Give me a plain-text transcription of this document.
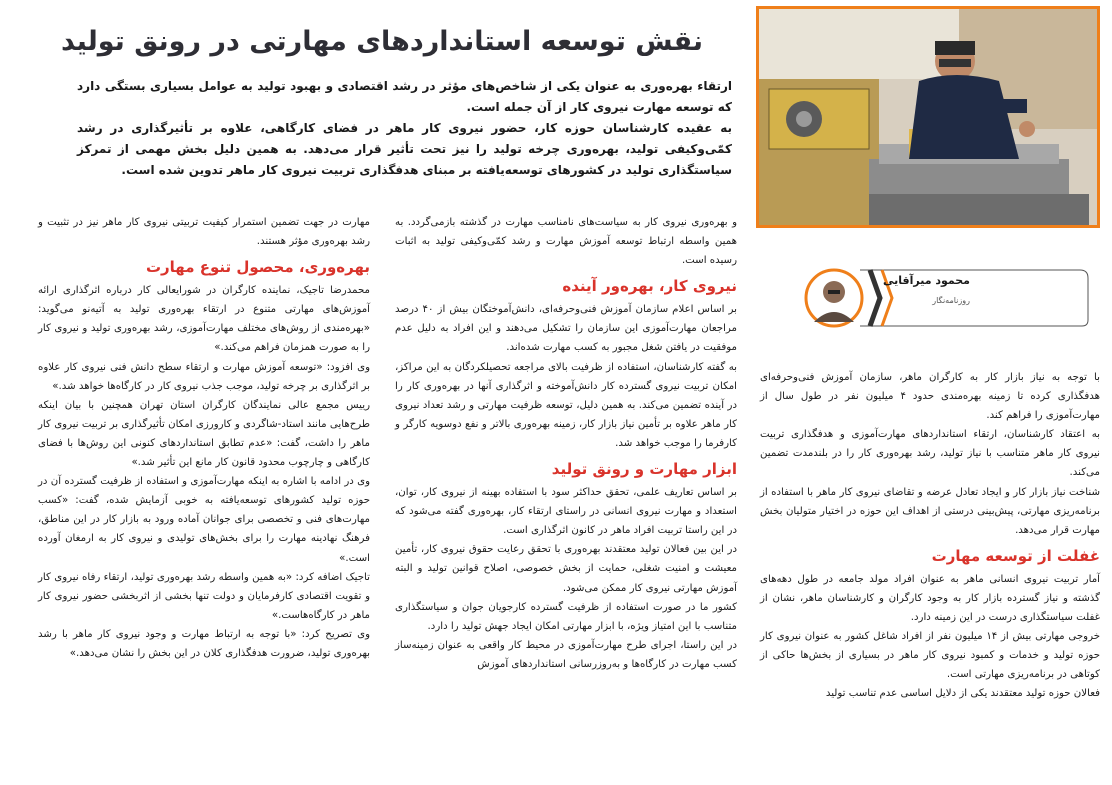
نقش توسعه استانداردهای مهارتی در رونق تولید

ارتقاء بهره‌وری به عنوان یکی از شاخص‌های مؤثر در رشد اقتصادی و بهبود تولید به عوامل بسیاری بستگی دارد که توسعه مهارت نیروی کار از آن جمله است.

به عقیده کارشناسان حوزه کار، حضور نیروی کار ماهر در فضای کارگاهی، علاوه بر تأثیرگذاری در رشد کمّی‌وکیفی تولید، بهره‌وری چرخه تولید را نیز تحت تأثیر قرار می‌دهد. به همین دلیل بخش مهمی از تمرکز سیاستگذاری تولید در کشورهای توسعه‌یافته بر مبنای هدفگذاری تربیت نیروی کار ماهر تدوین شده است.

محمود میرآقایی
روزنامه‌نگار

با توجه به نیاز بازار کار به کارگران ماهر، سازمان آموزش فنی‌وحرفه‌ای هدفگذاری کرده تا زمینه بهره‌مندی حدود ۴ میلیون نفر در طول سال از مهارت‌آموزی را فراهم کند.

به اعتقاد کارشناسان، ارتقاء استانداردهای مهارت‌آموزی و هدفگذاری تربیت نیروی کار ماهر متناسب با نیاز تولید، رشد بهره‌وری کار را در بلندمدت تضمین می‌کند.

شناخت نیاز بازار کار و ایجاد تعادل عرضه و تقاضای نیروی کار ماهر با استفاده از برنامه‌ریزی مهارتی، پیش‌بینی درستی از اهداف این حوزه در اختیار متولیان بخش مهارت قرار می‌دهد.

غفلت از توسعه مهارت

آمار تربیت نیروی انسانی ماهر به عنوان افراد مولد جامعه در طول دهه‌های گذشته و نیاز گسترده بازار کار به وجود کارگران و کارشناسان ماهر، نشان از غفلت سیاستگذاری درست در این زمینه دارد.

خروجی مهارتی بیش از ۱۴ میلیون نفر از افراد شاغل کشور به عنوان نیروی کار حوزه تولید و خدمات و کمبود نیروی کار ماهر در بسیاری از بخش‌ها حاکی از کوتاهی در برنامه‌ریزی مهارتی است.

فعالان حوزه تولید معتقدند یکی از دلایل اساسی عدم تناسب تولید

و بهره‌وری نیروی کار به سیاست‌های نامناسب مهارت در گذشته بازمی‌گردد. به همین واسطه ارتباط توسعه آموزش مهارت و رشد کمّی‌وکیفی تولید به اثبات رسیده است.

نیروی کار، بهره‌ور آینده

بر اساس اعلام سازمان آموزش فنی‌وحرفه‌ای، دانش‌آموختگان بیش از ۴۰ درصد مراجعان مهارت‌آموزی این سازمان را تشکیل می‌دهند و این افراد به دلیل عدم موفقیت در یافتن شغل مجبور به کسب مهارت شده‌اند.

به گفته کارشناسان، استفاده از ظرفیت بالای مراجعه تحصیلکردگان به این مراکز، امکان تربیت نیروی گسترده کار دانش‌آموخته و اثرگذاری آنها در بهره‌وری کار را در آینده تضمین می‌کند. به همین دلیل، توسعه ظرفیت مهارتی و رشد تعداد نیروی کار ماهر علاوه بر تأمین نیاز بازار کار، زمینه بهره‌وری بالاتر و نفع دوسویه کارگر و کارفرما را موجب خواهد شد.

ابزار مهارت و رونق تولید

بر اساس تعاریف علمی، تحقق حداکثر سود با استفاده بهینه از نیروی کار، توان، استعداد و مهارت نیروی انسانی در راستای ارتقاء کار، بهره‌وری گفته می‌شود که در این راستا تربیت افراد ماهر در کانون اثرگذاری است.

در این بین فعالان تولید معتقدند بهره‌وری با تحقق رعایت حقوق نیروی کار، تأمین معیشت و امنیت شغلی، حمایت از بخش خصوصی، اصلاح قوانین تولید و البته آموزش مهارتی نیروی کار ممکن می‌شود.

کشور ما در صورت استفاده از ظرفیت گسترده کارجویان جوان و سیاستگذاری متناسب با این امتیاز ویژه، با ابزار مهارتی امکان ایجاد جهش تولید را دارد.

در این راستا، اجرای طرح مهارت‌آموزی در محیط کار واقعی به عنوان زمینه‌ساز کسب مهارت در کارگاه‌ها و به‌روزرسانی استانداردهای آموزش

مهارت در جهت تضمین استمرار کیفیت تربیتی نیروی کار ماهر نیز در تثبیت و رشد بهره‌وری مؤثر هستند.

بهره‌وری، محصول تنوع مهارت

محمدرضا تاجیک، نماینده کارگران در شورایعالی کار درباره اثرگذاری ارائه آموزش‌های مهارتی متنوع در ارتقاء بهره‌وری تولید به آتیه‌نو می‌گوید: «بهره‌مندی از روش‌های مختلف مهارت‌آموزی، رشد بهره‌وری تولید و نیروی کار را به صورت همزمان فراهم می‌کند.»

وی افزود: «توسعه آموزش مهارت و ارتقاء سطح دانش فنی نیروی کار علاوه بر اثرگذاری بر چرخه تولید، موجب جذب نیروی کار در کارگاه‌ها خواهد شد.»

رییس مجمع عالی نمایندگان کارگران استان تهران همچنین با بیان اینکه طرح‌هایی مانند استاد-شاگردی و کارورزی امکان تأثیرگذاری بر تربیت نیروی کار ماهر را داشت، گفت: «عدم تطابق استانداردهای کنونی این روش‌ها با فضای کارگاهی و چارچوب محدود قانون کار مانع این تأثیر شد.»

وی در ادامه با اشاره به اینکه مهارت‌آموزی و استفاده از ظرفیت گسترده آن در حوزه تولید کشورهای توسعه‌یافته به خوبی آزمایش شده، گفت: «کسب مهارت‌های فنی و تخصصی برای جوانان آماده ورود به بازار کار در این مناطق، فرهنگ نهادینه مهارت را برای بخش‌های تولیدی و نیروی کار به ارمغان آورده است.»

تاجیک اضافه کرد: «به همین واسطه رشد بهره‌وری تولید، ارتقاء رفاه نیروی کار و تقویت اقتصادی کارفرمایان و دولت تنها بخشی از اثربخشی حضور نیروی کار ماهر در کارگاه‌هاست.»

وی تصریح کرد: «با توجه به ارتباط مهارت و وجود نیروی کار ماهر با رشد بهره‌وری تولید، ضرورت هدفگذاری کلان در این بخش را نشان می‌دهد.»
